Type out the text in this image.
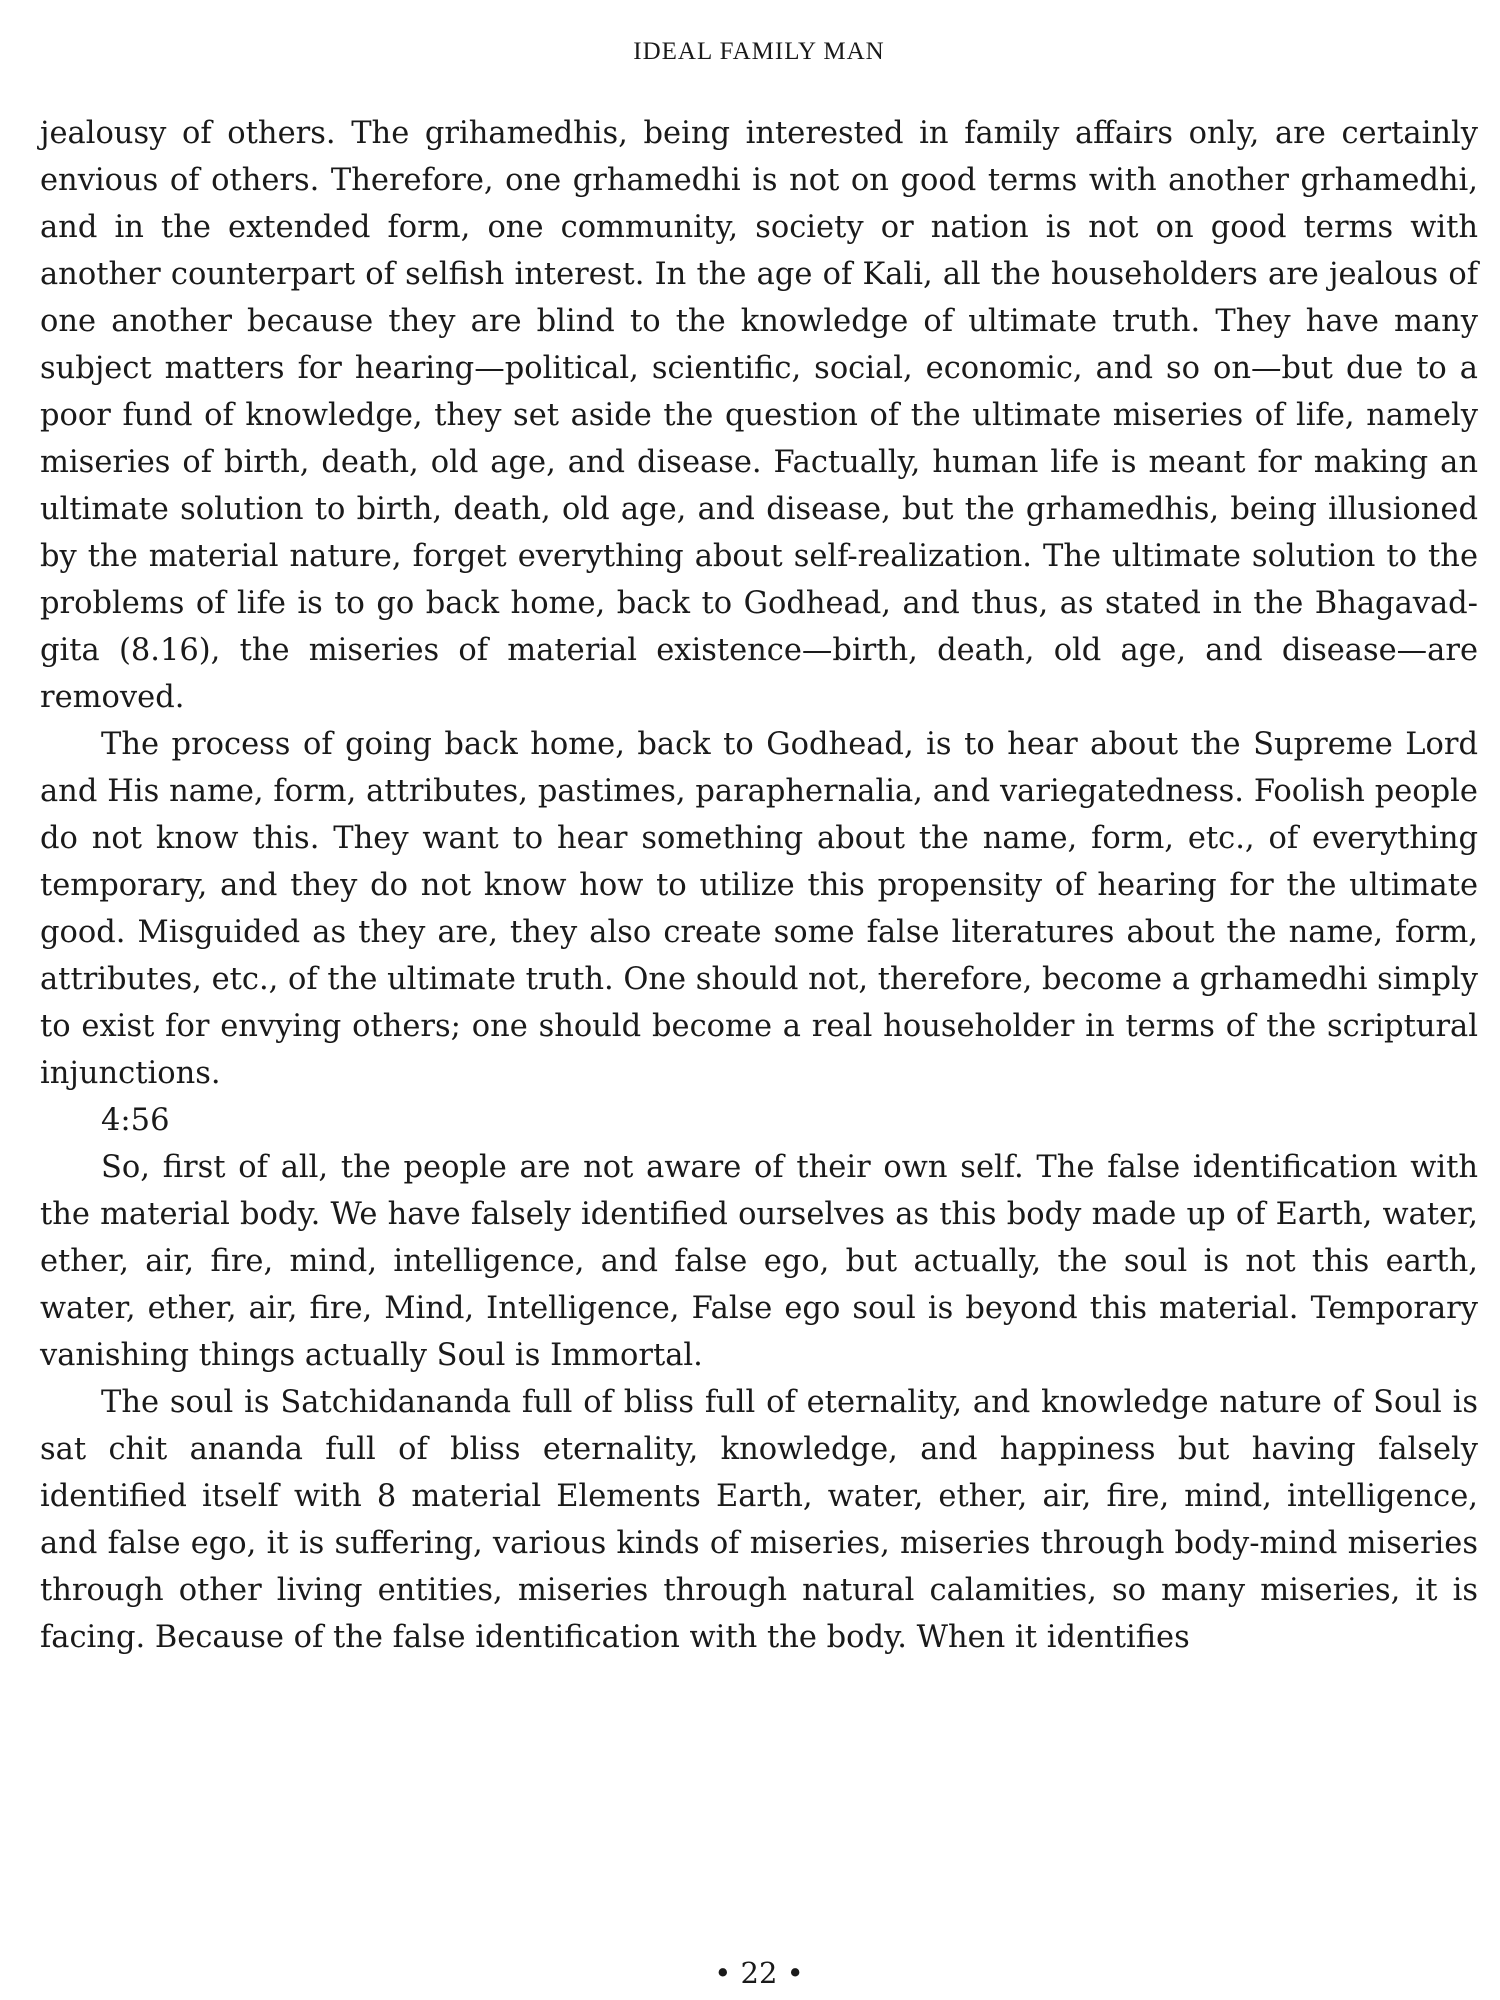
IDEAL FAMILY MAN

jealousy of others. The grihamedhis, being interested in family affairs only, are certainly envious of others. Therefore, one grhamedhi is not on good terms with another grhamedhi, and in the extended form, one community, society or nation is not on good terms with another counterpart of selfish interest. In the age of Kali, all the householders are jealous of one another because they are blind to the knowledge of ultimate truth. They have many subject matters for hearing—political, scientific, social, economic, and so on—but due to a poor fund of knowledge, they set aside the question of the ultimate miseries of life, namely miseries of birth, death, old age, and disease. Factually, human life is meant for making an ultimate solution to birth, death, old age, and disease, but the grhamedhis, being illusioned by the material nature, forget everything about self-realization. The ultimate solution to the problems of life is to go back home, back to Godhead, and thus, as stated in the Bhagavad-gita (8.16), the miseries of material existence—birth, death, old age, and disease—are removed.

The process of going back home, back to Godhead, is to hear about the Supreme Lord and His name, form, attributes, pastimes, paraphernalia, and variegatedness. Foolish people do not know this. They want to hear something about the name, form, etc., of everything temporary, and they do not know how to utilize this propensity of hearing for the ultimate good. Misguided as they are, they also create some false literatures about the name, form, attributes, etc., of the ultimate truth. One should not, therefore, become a grhamedhi simply to exist for envying others; one should become a real householder in terms of the scriptural injunctions.

4:56

So, first of all, the people are not aware of their own self. The false identification with the material body. We have falsely identified ourselves as this body made up of Earth, water, ether, air, fire, mind, intelligence, and false ego, but actually, the soul is not this earth, water, ether, air, fire, Mind, Intelligence, False ego soul is beyond this material. Temporary vanishing things actually Soul is Immortal.

The soul is Satchidananda full of bliss full of eternality, and knowledge nature of Soul is sat chit ananda full of bliss eternality, knowledge, and happiness but having falsely identified itself with 8 material Elements Earth, water, ether, air, fire, mind, intelligence, and false ego, it is suffering, various kinds of miseries, miseries through body-mind miseries through other living entities, miseries through natural calamities, so many miseries, it is facing. Because of the false identification with the body. When it identifies

• 22 •
